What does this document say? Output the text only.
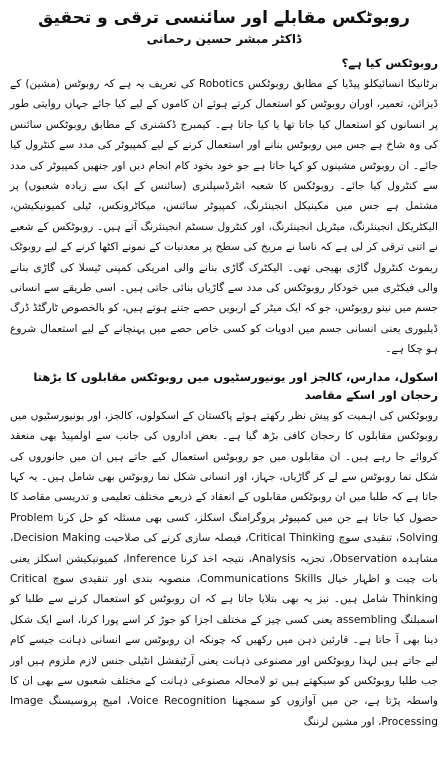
روبوٹکس مقابلے اور سائنسی ترقی و تحقیق
ڈاکٹر مبشر حسین رحمانی
روبوٹکس کیا ہے؟

برٹانیکا انسائیکلو پیڈیا کے مطابق روبوٹکس Robotics کی تعریف یہ ہے کہ روبوٹس (مشین) کے ڈیزائن، تعمیر، اوران روبوٹس کو استعمال کرتے ہوئے ان کاموں کے لیے کیا جائے جہاں روایتی طور پر انسانوں کو استعمال کیا جاتا تھا یا کیا جاتا ہے۔ کیمبرج ڈکشنری کے مطابق روبوٹکس سائنس کی وہ شاخ ہے جس میں روبوٹس بنانے اور استعمال کرنے کے لیے کمپیوٹر کی مدد سے کنٹرول کیا جائے۔ ان روبوٹس مشینوں کو کہا جاتا ہے جو خود بخود کام انجام دیں اور جنھیں کمپیوٹر کی مدد سے کنٹرول کیا جائے۔ روبوٹکس کا شعبہ انٹرڈسپلنری (سائنس کے ایک سے زیادہ شعبوں) پر مشتمل ہے جس میں مکینیکل انجینئرنگ، کمپیوٹر سائنس، میکاٹرونکس، ٹیلی کمیونیکیشن، الیکٹریکل انجینئرنگ، میٹریل انجینئرنگ، اور کنٹرول سسٹم انجینئرنگ آتے ہیں۔ روبوٹکس کے شعبے نے اتنی ترقی کر لی ہے کہ ناسا نے مریخ کی سطح پر معدنیات کے نمونے اکٹھا کرنے کے لیے روبوٹک ریموٹ کنٹرول گاڑی بھیجی تھی۔ الیکٹرک گاڑی بنانے والی امریکی کمپنی ٹیسلا کی گاڑی بنانے والی فیکٹری میں خودکار روبوٹکس کی مدد سے گاڑیاں بنائی جاتی ہیں۔ اسی طریقے سے انسانی جسم میں نینو روبوٹس، جو کہ ایک میٹر کے اربویں حصے جتنے ہوتے ہیں، کو بالخصوص ٹارگٹڈ ڈرگ ڈیلیوری یعنی انسانی جسم میں ادویات کو کسی خاص حصے میں پہنچانے کے لیے استعمال شروع ہو چکا ہے۔

اسکول، مدارس، کالجز اور یونیورسٹیوں میں روبوٹکس مقابلوں کا بڑھتا رحجان اور اسکے مقاصد

روبوٹکس کی اہمیت کو پیش نظر رکھتے ہوئے پاکستان کے اسکولوں، کالجز، اور یونیورسٹیوں میں روبوٹکس مقابلوں کا رحجان کافی بڑھ گیا ہے۔ بعض اداروں کی جانب سے اولمپیڈ بھی منعقد کروائے جا رہے ہیں۔ ان مقابلوں میں جو روبوٹس استعمال کیے جاتے ہیں ان میں جانوروں کی شکل نما روبوٹس سے لے کر گاڑیاں، جہاز، اور انسانی شکل نما روبوٹس بھی شامل ہیں۔ یہ کہا جاتا ہے کہ طلبا میں ان روبوٹکس مقابلوں کے انعقاد کے ذریعے مختلف تعلیمی و تدریسی مقاصد کا حصول کیا جاتا ہے جن میں کمپیوٹر پروگرامنگ اسکلز، کسی بھی مسئلہ کو حل کرنا Problem Solving، تنقیدی سوچ Critical Thinking، فیصلہ سازی کرنے کی صلاحیت Decision Making، مشاہدہ Observation، تجزیہ Analysis، نتیجہ اخذ کرنا Inference، کمیونیکیشن اسکلز یعنی بات چیت و اظہار خیال Communications Skills، منصوبہ بندی اور تنقیدی سوچ Critical Thinking شامل ہیں۔ نیز یہ بھی بتلایا جاتا ہے کہ ان روبوٹس کو استعمال کرنے سے طلبا کو اسمبلنگ assembling یعنی کسی چیز کے مختلف اجزا کو جوڑ کر اسے پورا کرنا، اسے ایک شکل دینا بھی آ جاتا ہے۔ قارئین ذہن میں رکھیں کہ چونکہ ان روبوٹس سے انسانی ذہانت جیسے کام لیے جاتے ہیں لہذا روبوٹکس اور مصنوعی ذہانت یعنی آرٹیفشل انٹیلی جنس لازم ملزوم ہیں اور جب طلبا روبوٹکس کو سیکھتے ہیں تو لامحالہ مصنوعی ذہانت کے مختلف شعبوں سے بھی ان کا واسطہ پڑتا ہے، جن میں آوازوں کو سمجھنا Voice Recognition، امیج پروسیسنگ Image Processing، اور مشین لرننگ
